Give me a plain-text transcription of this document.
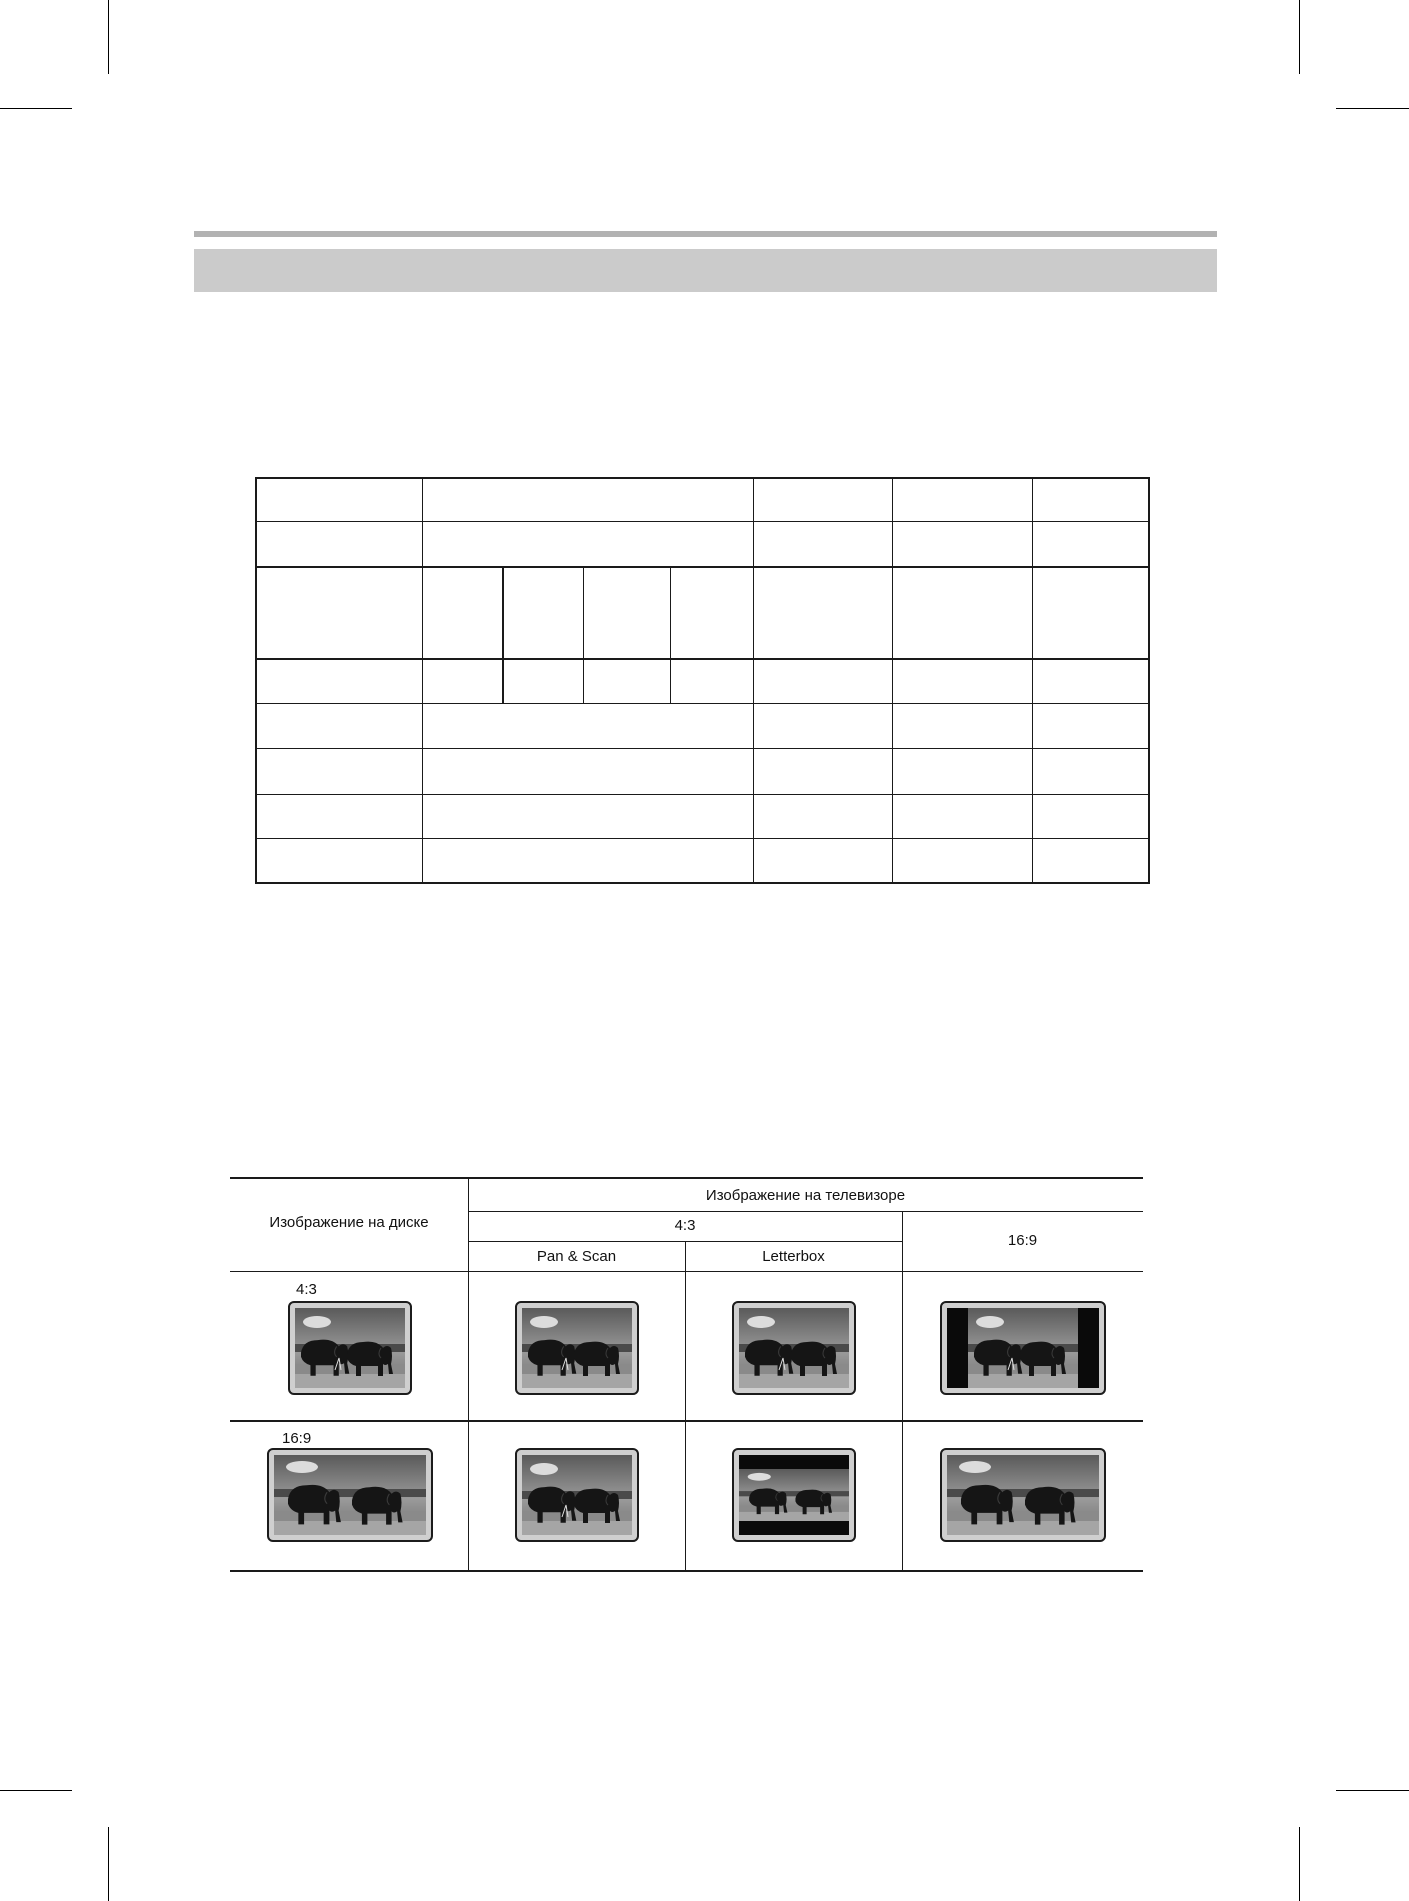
Изображение на диске
Изображение на телевизоре
4:3
16:9
Pan & Scan	Letterbox
4:3
16:9
